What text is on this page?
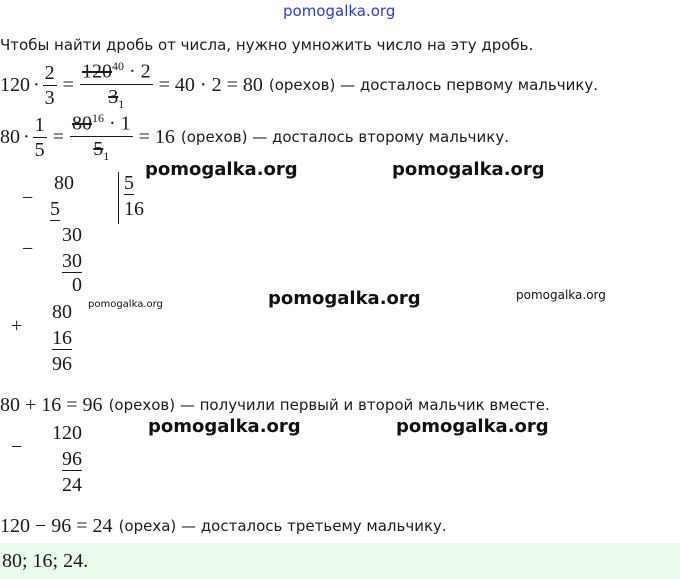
pomogalka.org
Чтобы найти дробь от числа, нужно умножить число на эту дробь.
$120 \cdot \frac{2}{3} = \frac{120^{40} \cdot 2}{3_1} = 40 \cdot 2 = 80$ (орехов) — досталось первому мальчику.
$80 \cdot \frac{1}{5} = \frac{80^{16} \cdot 1}{5_1} = 16$ (орехов) — досталось второму мальчику.
−
80
5
5
16
−
30
30
0
+
80
16
96
80 + 16 = 96 (орехов) — получили первый и второй мальчик вместе.
−
120
96
24
120 − 96 = 24 (ореха) — досталось третьему мальчику.
80; 16; 24.
pomogalka.org	pomogalka.org
pomogalka.org
pomogalka.org
pomogalka.org
pomogalka.org	pomogalka.org
